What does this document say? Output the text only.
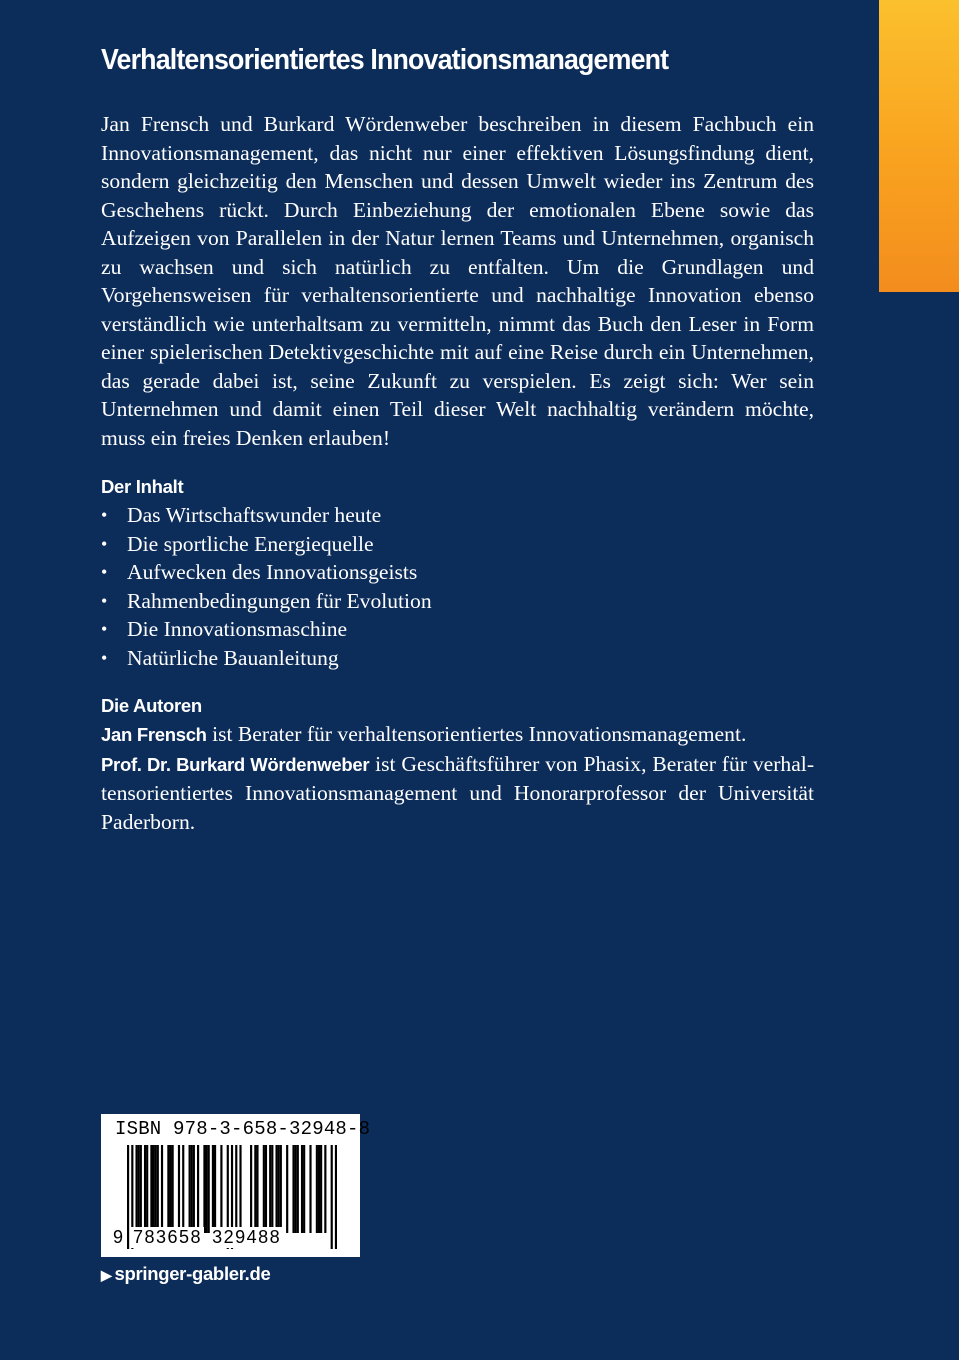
Verhaltensorientiertes Innovationsmanagement

Jan Frensch und Burkard Wördenweber beschreiben in diesem Fachbuch ein Innovationsmanagement, das nicht nur einer effektiven Lösungsfindung dient, sondern gleichzeitig den Menschen und dessen Umwelt wieder ins Zentrum des Geschehens rückt. Durch Einbeziehung der emotionalen Ebene sowie das Aufzeigen von Parallelen in der Natur lernen Teams und Unternehmen, organisch zu wachsen und sich natürlich zu entfalten. Um die Grundlagen und Vorgehensweisen für verhaltensorientierte und nachhaltige Innovation ebenso verständlich wie unterhaltsam zu vermitteln, nimmt das Buch den Leser in Form einer spielerischen Detektivgeschichte mit auf eine Reise durch ein Unternehmen, das gerade dabei ist, seine Zukunft zu verspielen. Es zeigt sich: Wer sein Unternehmen und damit einen Teil dieser Welt nachhaltig verändern möchte, muss ein freies Denken erlauben!

Der Inhalt
• Das Wirtschaftswunder heute
• Die sportliche Energiequelle
• Aufwecken des Innovationsgeists
• Rahmenbedingungen für Evolution
• Die Innovationsmaschine
• Natürliche Bauanleitung
Die Autoren

Jan Frensch ist Berater für verhaltensorientiertes Innovationsmanagement.

Prof. Dr. Burkard Wördenweber ist Geschäftsführer von Phasix, Berater für verhaltensorientiertes Innovationsmanagement und Honorarprofessor der Universität Paderborn.

ISBN 978-3-658-32948-8
9 783658 329488
▶ springer-gabler.de
